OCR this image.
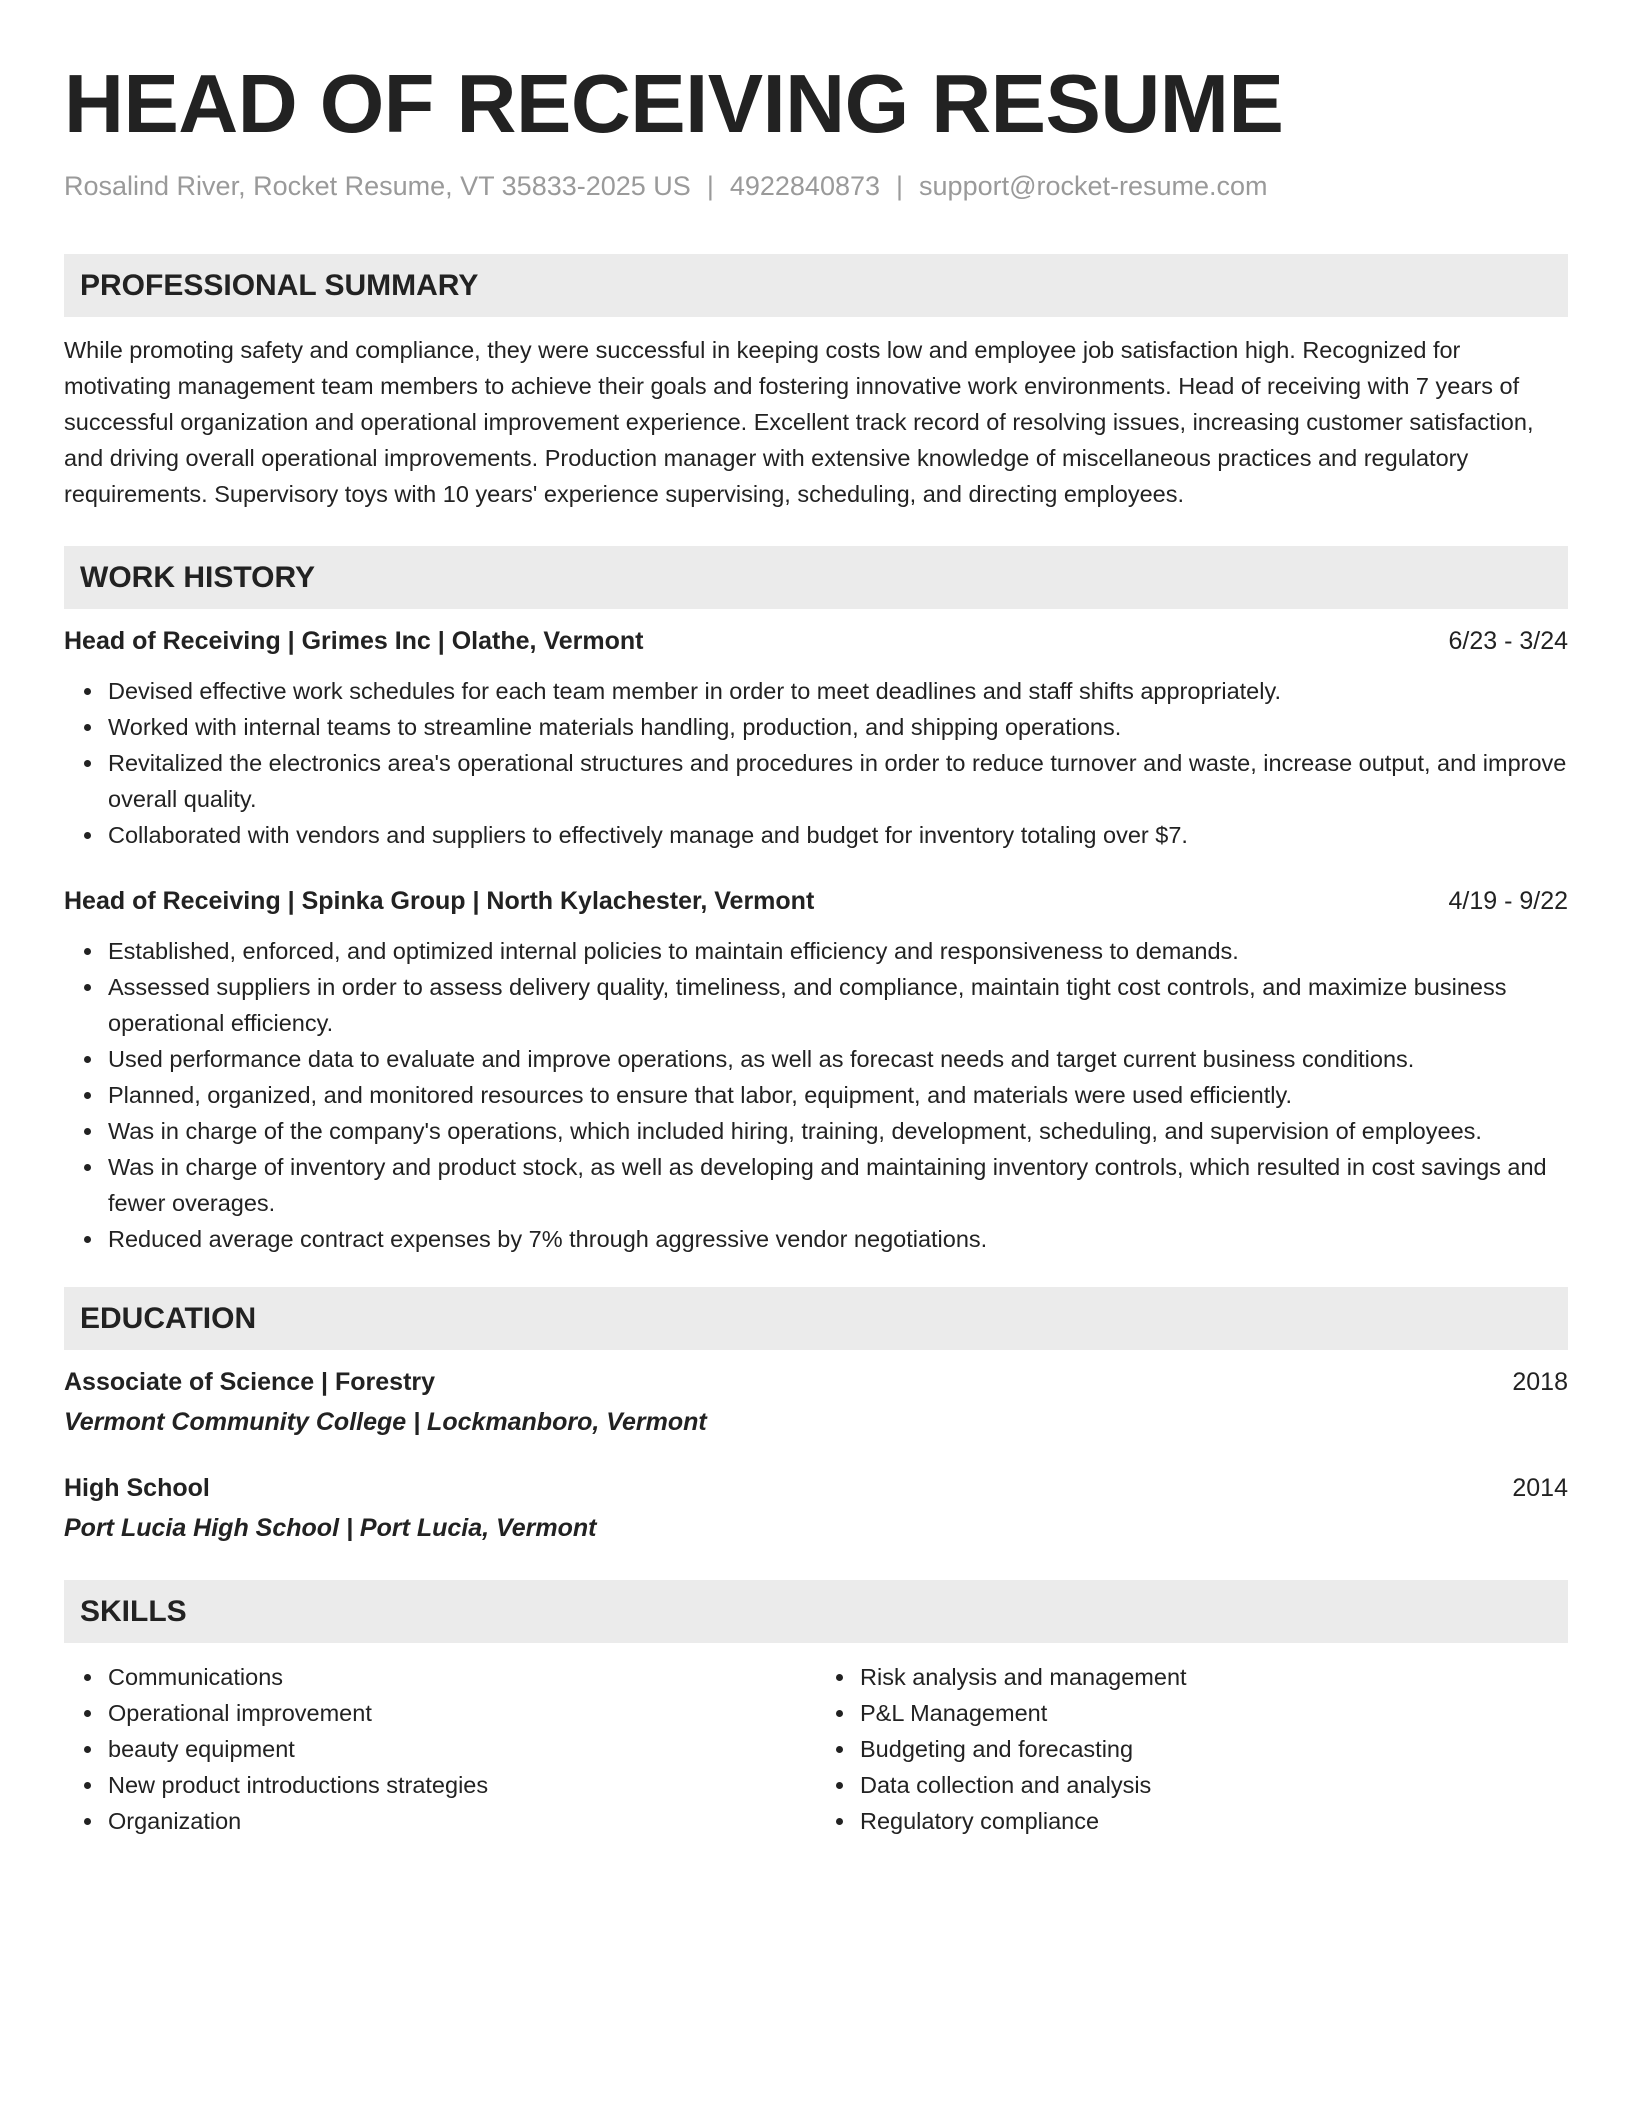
HEAD OF RECEIVING RESUME
Rosalind River, Rocket Resume, VT 35833-2025 US | 4922840873 | support@rocket-resume.com
PROFESSIONAL SUMMARY
While promoting safety and compliance, they were successful in keeping costs low and employee job satisfaction high. Recognized for motivating management team members to achieve their goals and fostering innovative work environments. Head of receiving with 7 years of successful organization and operational improvement experience. Excellent track record of resolving issues, increasing customer satisfaction, and driving overall operational improvements. Production manager with extensive knowledge of miscellaneous practices and regulatory requirements. Supervisory toys with 10 years' experience supervising, scheduling, and directing employees.
WORK HISTORY
Head of Receiving | Grimes Inc | Olathe, Vermont	6/23 - 3/24
Devised effective work schedules for each team member in order to meet deadlines and staff shifts appropriately.
Worked with internal teams to streamline materials handling, production, and shipping operations.
Revitalized the electronics area's operational structures and procedures in order to reduce turnover and waste, increase output, and improve overall quality.
Collaborated with vendors and suppliers to effectively manage and budget for inventory totaling over $7.
Head of Receiving | Spinka Group | North Kylachester, Vermont	4/19 - 9/22
Established, enforced, and optimized internal policies to maintain efficiency and responsiveness to demands.
Assessed suppliers in order to assess delivery quality, timeliness, and compliance, maintain tight cost controls, and maximize business operational efficiency.
Used performance data to evaluate and improve operations, as well as forecast needs and target current business conditions.
Planned, organized, and monitored resources to ensure that labor, equipment, and materials were used efficiently.
Was in charge of the company's operations, which included hiring, training, development, scheduling, and supervision of employees.
Was in charge of inventory and product stock, as well as developing and maintaining inventory controls, which resulted in cost savings and fewer overages.
Reduced average contract expenses by 7% through aggressive vendor negotiations.
EDUCATION
Associate of Science | Forestry	2018
Vermont Community College | Lockmanboro, Vermont
High School	2014
Port Lucia High School | Port Lucia, Vermont
SKILLS
Communications
Operational improvement
beauty equipment
New product introductions strategies
Organization
Risk analysis and management
P&L Management
Budgeting and forecasting
Data collection and analysis
Regulatory compliance
